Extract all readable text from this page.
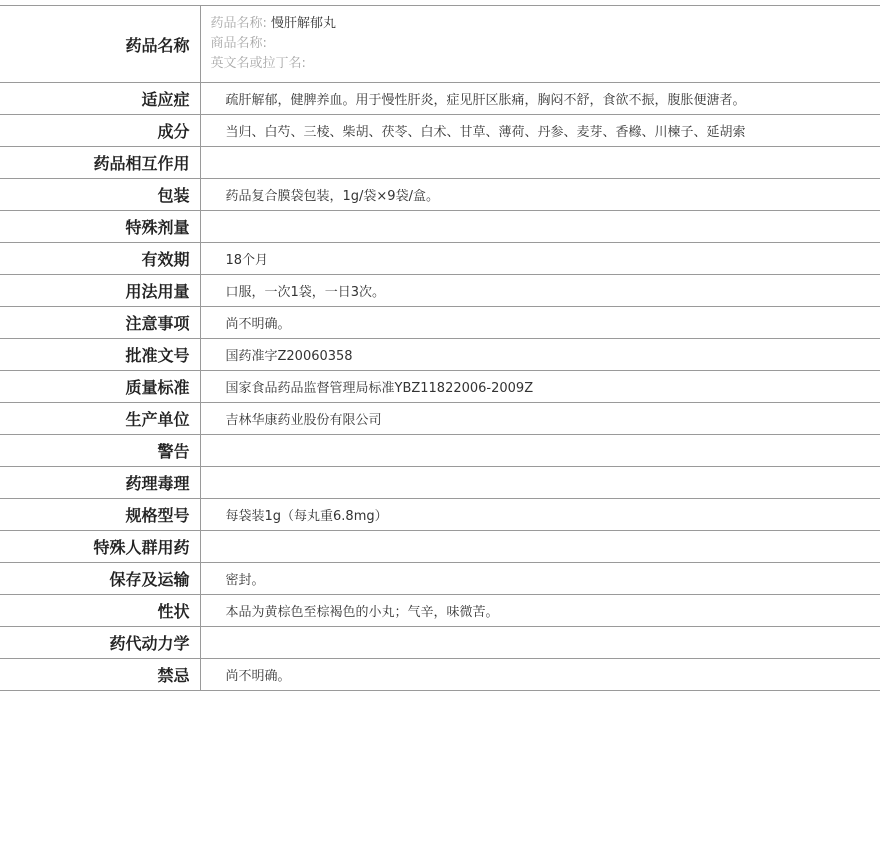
药品名称	药品名称: 慢肝解郁丸
商品名称:
英文名或拉丁名:

适应症	疏肝解郁，健脾养血。用于慢性肝炎，症见肝区胀痛，胸闷不舒，食欲不振，腹胀便溏者。
成分	当归、白芍、三棱、柴胡、茯苓、白术、甘草、薄荷、丹参、麦芽、香橼、川楝子、延胡索
药品相互作用	
包装	药品复合膜袋包装，1g/袋×9袋/盒。
特殊剂量	
有效期	18个月
用法用量	口服，一次1袋，一日3次。
注意事项	尚不明确。
批准文号	国药准字Z20060358
质量标准	国家食品药品监督管理局标准YBZ11822006-2009Z
生产单位	吉林华康药业股份有限公司
警告	
药理毒理	
规格型号	每袋装1g（每丸重6.8mg）
特殊人群用药	
保存及运输	密封。
性状	本品为黄棕色至棕褐色的小丸；气辛，味微苦。
药代动力学	
禁忌	尚不明确。
